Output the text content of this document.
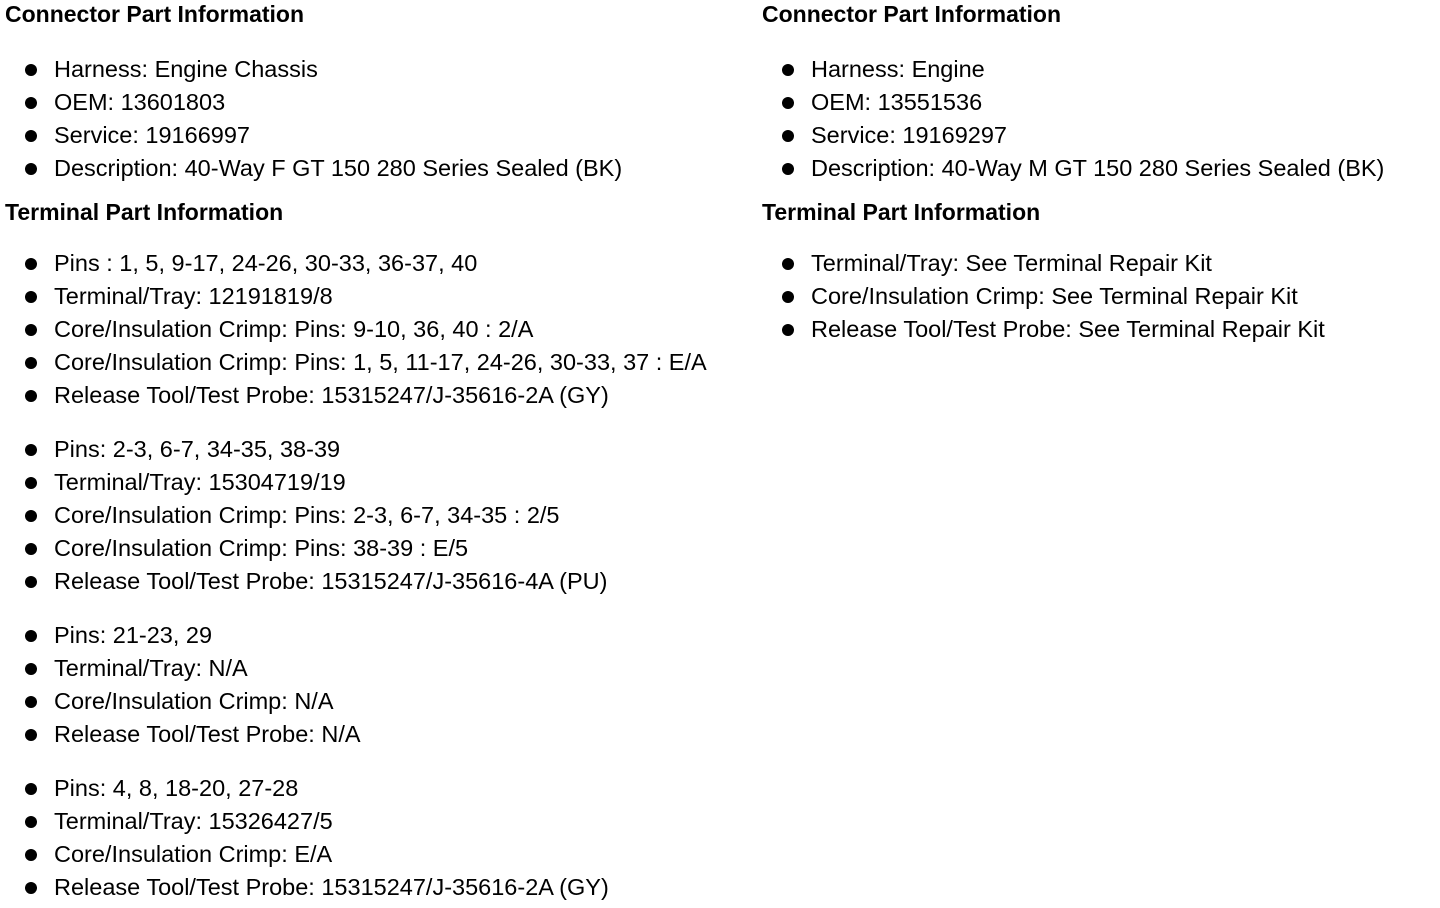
Connector Part Information
Harness: Engine Chassis
OEM: 13601803
Service: 19166997
Description: 40-Way F GT 150 280 Series Sealed (BK)
Terminal Part Information
Pins : 1, 5, 9-17, 24-26, 30-33, 36-37, 40
Terminal/Tray: 12191819/8
Core/Insulation Crimp: Pins: 9-10, 36, 40 : 2/A
Core/Insulation Crimp: Pins: 1, 5, 11-17, 24-26, 30-33, 37 : E/A
Release Tool/Test Probe: 15315247/J-35616-2A (GY)
Pins: 2-3, 6-7, 34-35, 38-39
Terminal/Tray: 15304719/19
Core/Insulation Crimp: Pins: 2-3, 6-7, 34-35 : 2/5
Core/Insulation Crimp: Pins: 38-39 : E/5
Release Tool/Test Probe: 15315247/J-35616-4A (PU)
Pins: 21-23, 29
Terminal/Tray: N/A
Core/Insulation Crimp: N/A
Release Tool/Test Probe: N/A
Pins: 4, 8, 18-20, 27-28
Terminal/Tray: 15326427/5
Core/Insulation Crimp: E/A
Release Tool/Test Probe: 15315247/J-35616-2A (GY)
Connector Part Information
Harness: Engine
OEM: 13551536
Service: 19169297
Description: 40-Way M GT 150 280 Series Sealed (BK)
Terminal Part Information
Terminal/Tray: See Terminal Repair Kit
Core/Insulation Crimp: See Terminal Repair Kit
Release Tool/Test Probe: See Terminal Repair Kit
